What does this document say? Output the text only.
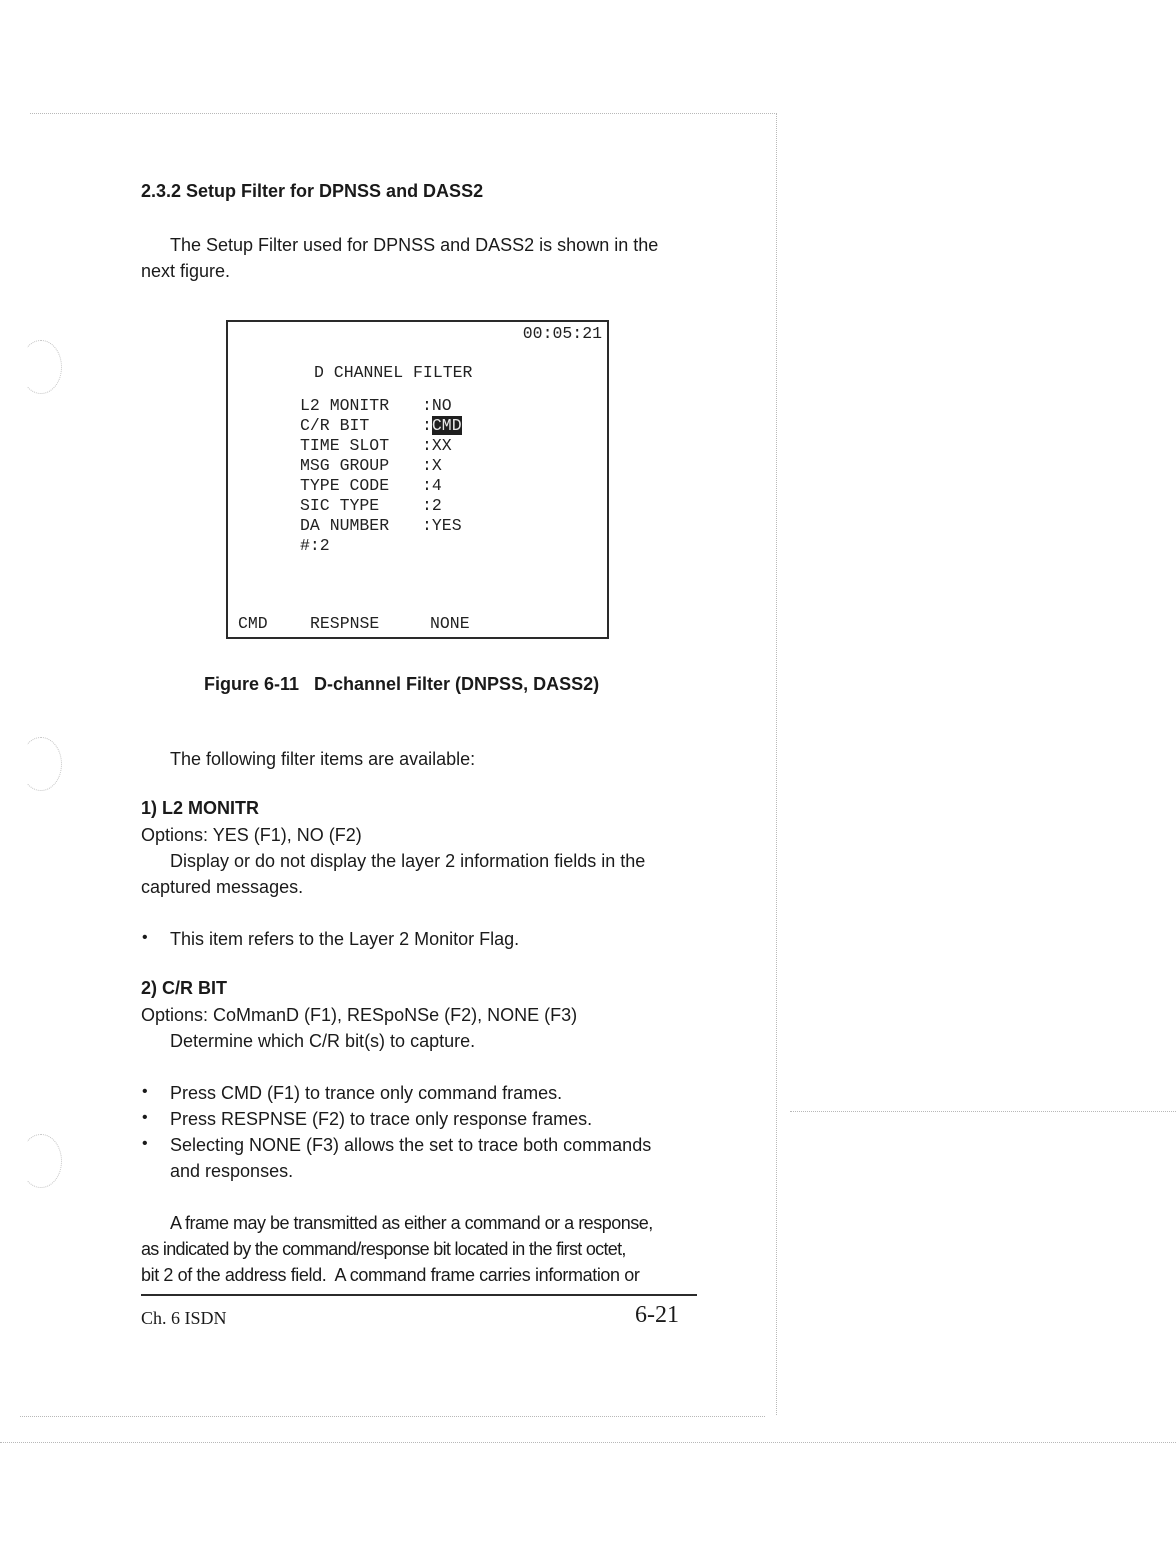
2.3.2 Setup Filter for DPNSS and DASS2
The Setup Filter used for DPNSS and DASS2 is shown in the
next figure.
00:05:21
D CHANNEL FILTER
L2 MONITR :NO
C/R BIT	:CMD
TIME SLOT :XX
MSG GROUP :X
TYPE CODE :4
SIC TYPE	:2
DA NUMBER :YES
#:2
CMD	RESPNSE	NONE
Figure 6-11   D-channel Filter (DNPSS, DASS2)
The following filter items are available:
1) L2 MONITR
Options: YES (F1), NO (F2)
Display or do not display the layer 2 information fields in the
captured messages.
• This item refers to the Layer 2 Monitor Flag.
2) C/R BIT
Options: CoMmanD (F1), RESpoNSe (F2), NONE (F3)
Determine which C/R bit(s) to capture.
• Press CMD (F1) to trance only command frames.
• Press RESPNSE (F2) to trace only response frames.
• Selecting NONE (F3) allows the set to trace both commands
and responses.
A frame may be transmitted as either a command or a response,
as indicated by the command/response bit located in the first octet,
bit 2 of the address field.  A command frame carries information or
Ch. 6 ISDN	6-21
